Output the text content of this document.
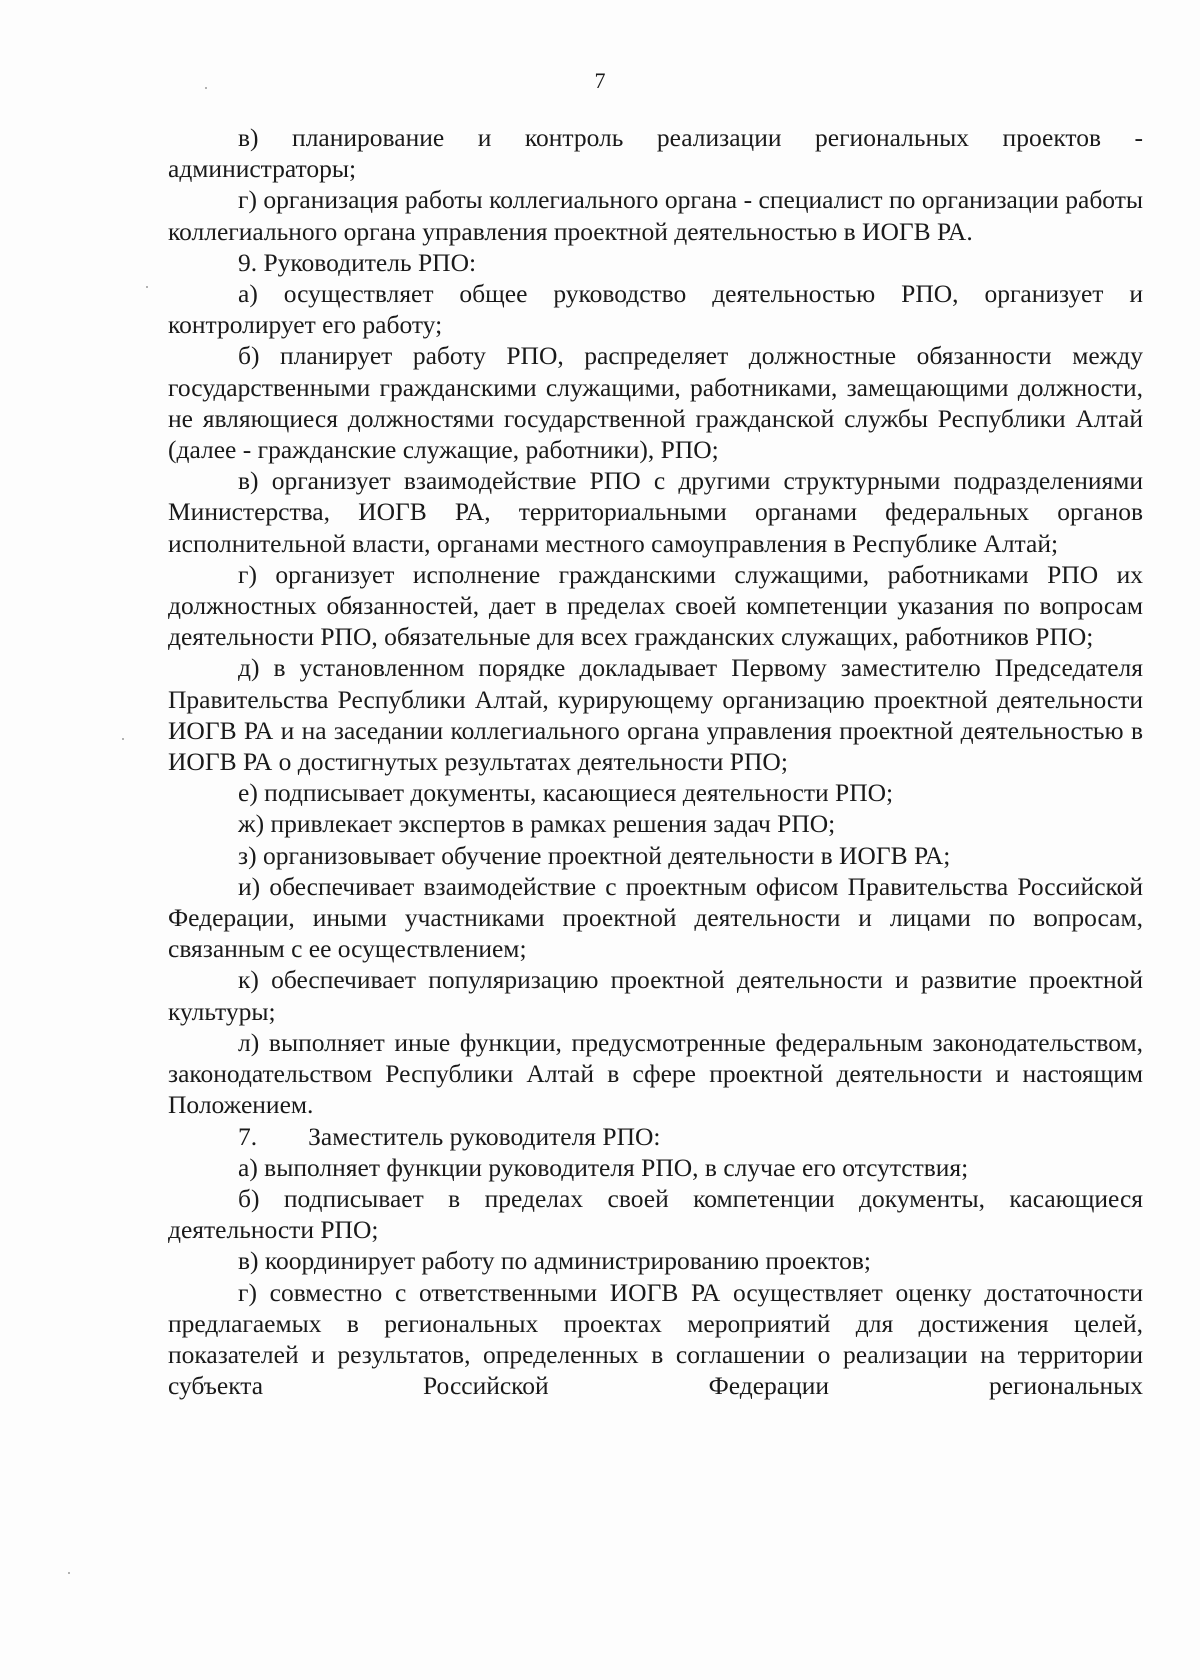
7

в) планирование и контроль реализации региональных проектов - администраторы;

г) организация работы коллегиального органа - специалист по организации работы коллегиального органа управления проектной деятельностью в ИОГВ РА.

9. Руководитель РПО:

а) осуществляет общее руководство деятельностью РПО, организует и контролирует его работу;

б) планирует работу РПО, распределяет должностные обязанности между государственными гражданскими служащими, работниками, замещающими должности, не являющиеся должностями государственной гражданской службы Республики Алтай (далее - гражданские служащие, работники), РПО;

в) организует взаимодействие РПО с другими структурными подразделениями Министерства, ИОГВ РА, территориальными органами федеральных органов исполнительной власти, органами местного самоуправления в Республике Алтай;

г) организует исполнение гражданскими служащими, работниками РПО их должностных обязанностей, дает в пределах своей компетенции указания по вопросам деятельности РПО, обязательные для всех гражданских служащих, работников РПО;

д) в установленном порядке докладывает Первому заместителю Председателя Правительства Республики Алтай, курирующему организацию проектной деятельности ИОГВ РА и на заседании коллегиального органа управления проектной деятельностью в ИОГВ РА о достигнутых результатах деятельности РПО;

е) подписывает документы, касающиеся деятельности РПО;

ж) привлекает экспертов в рамках решения задач РПО;

з) организовывает обучение проектной деятельности в ИОГВ РА;

и) обеспечивает взаимодействие с проектным офисом Правительства Российской Федерации, иными участниками проектной деятельности и лицами по вопросам, связанным с ее осуществлением;

к) обеспечивает популяризацию проектной деятельности и развитие проектной культуры;

л) выполняет иные функции, предусмотренные федеральным законодательством, законодательством Республики Алтай в сфере проектной деятельности и настоящим Положением.

7.  Заместитель руководителя РПО:

а) выполняет функции руководителя РПО, в случае его отсутствия;

б) подписывает в пределах своей компетенции документы, касающиеся деятельности РПО;

в) координирует работу по администрированию проектов;

г) совместно с ответственными ИОГВ РА осуществляет оценку достаточности предлагаемых в региональных проектах мероприятий для достижения целей, показателей и результатов, определенных в соглашении о реализации на территории субъекта Российской Федерации региональных
